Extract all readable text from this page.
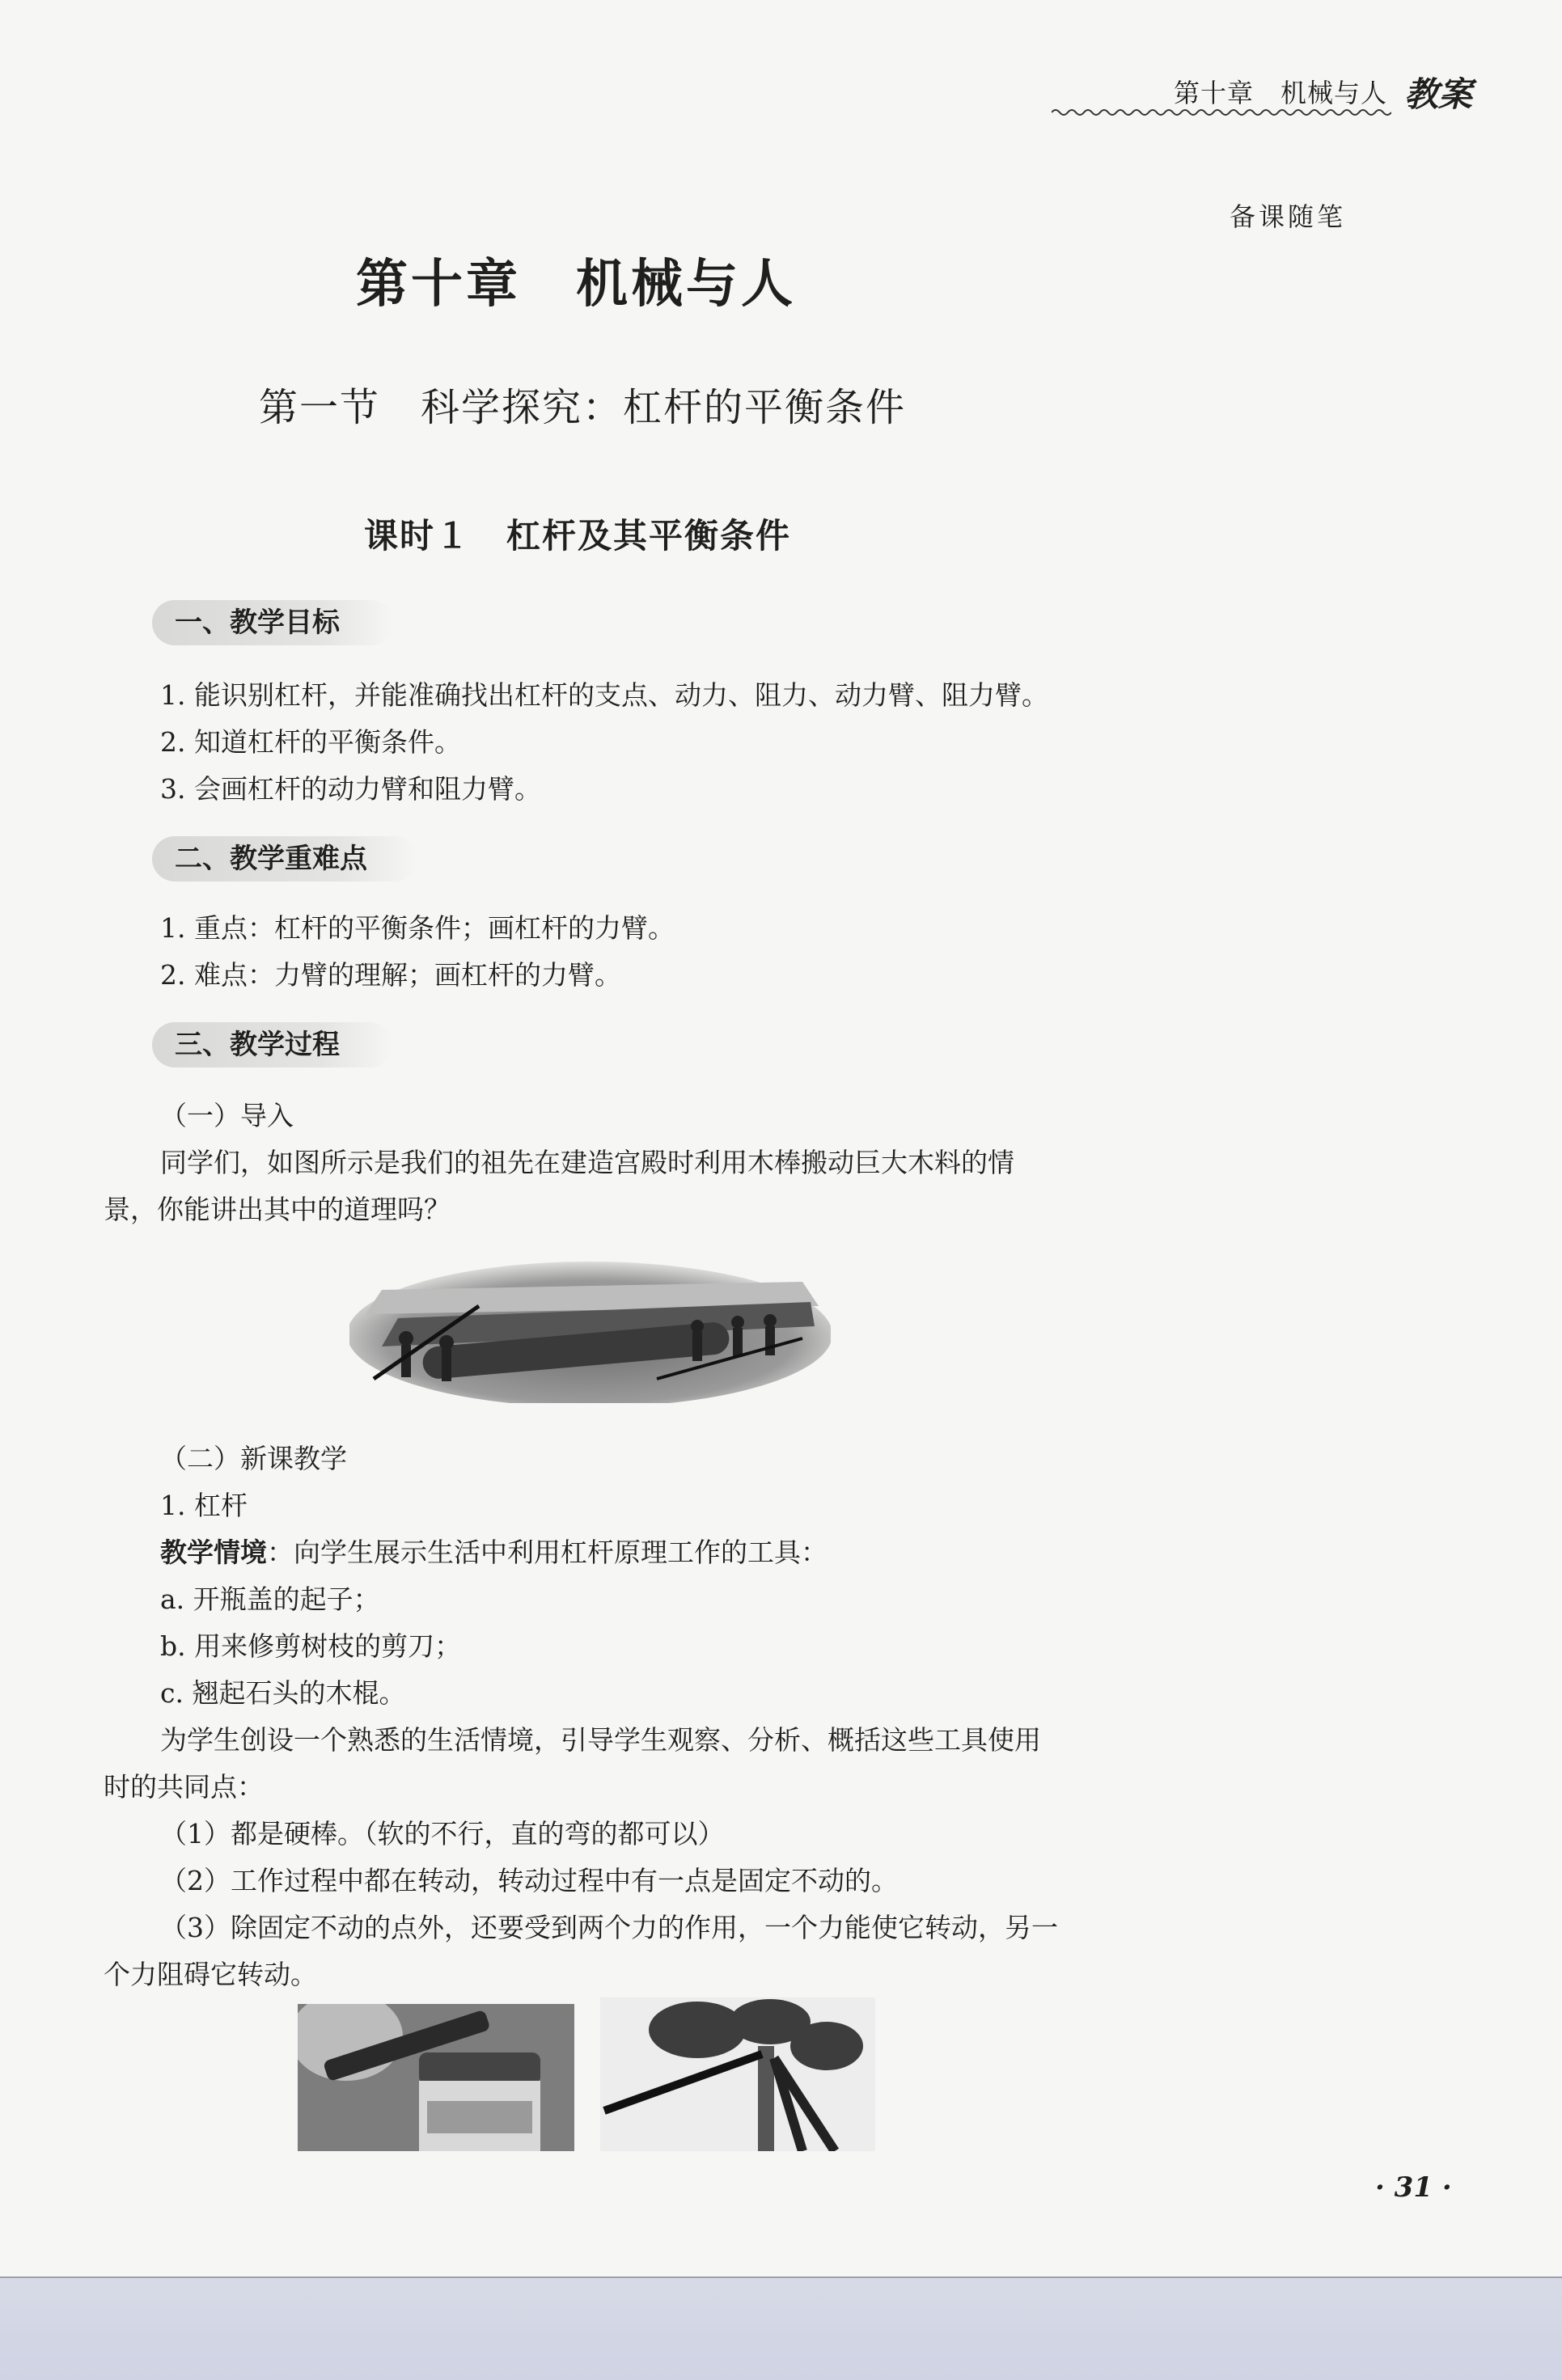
第十章　机械与人 教案
备课随笔
第十章　机械与人
第一节　科学探究：杠杆的平衡条件
课时１　杠杆及其平衡条件
一、教学目标
1. 能识别杠杆，并能准确找出杠杆的支点、动力、阻力、动力臂、阻力臂。
2. 知道杠杆的平衡条件。
3. 会画杠杆的动力臂和阻力臂。
二、教学重难点
1. 重点：杠杆的平衡条件；画杠杆的力臂。
2. 难点：力臂的理解；画杠杆的力臂。
三、教学过程
（一）导入
同学们，如图所示是我们的祖先在建造宫殿时利用木棒搬动巨大木料的情
景，你能讲出其中的道理吗？
（二）新课教学
1. 杠杆
教学情境：向学生展示生活中利用杠杆原理工作的工具：
a. 开瓶盖的起子；
b. 用来修剪树枝的剪刀；
c. 翘起石头的木棍。
为学生创设一个熟悉的生活情境，引导学生观察、分析、概括这些工具使用
时的共同点：
（1）都是硬棒。（软的不行，直的弯的都可以）
（2）工作过程中都在转动，转动过程中有一点是固定不动的。
（3）除固定不动的点外，还要受到两个力的作用，一个力能使它转动，另一
个力阻碍它转动。
· 31 ·
